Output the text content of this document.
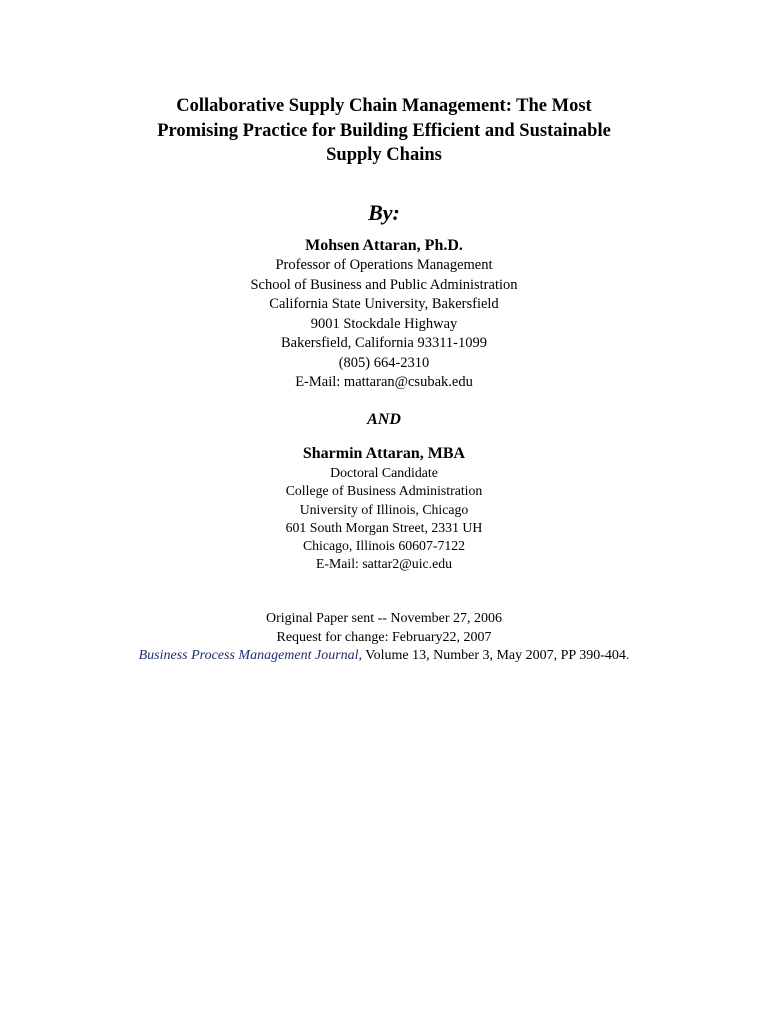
Collaborative Supply Chain Management: The Most
Promising Practice for Building Efficient and Sustainable
Supply Chains
By:
Mohsen Attaran, Ph.D.
Professor of Operations Management
School of Business and Public Administration
California State University, Bakersfield
9001 Stockdale Highway
Bakersfield, California 93311-1099
(805) 664-2310
E-Mail: mattaran@csubak.edu
AND
Sharmin Attaran, MBA
Doctoral Candidate
College of Business Administration
University of Illinois, Chicago
601 South Morgan Street, 2331 UH
Chicago, Illinois 60607-7122
E-Mail: sattar2@uic.edu
Original Paper sent -- November 27, 2006
Request for change: February22, 2007
Business Process Management Journal, Volume 13, Number 3, May 2007, PP 390-404.
